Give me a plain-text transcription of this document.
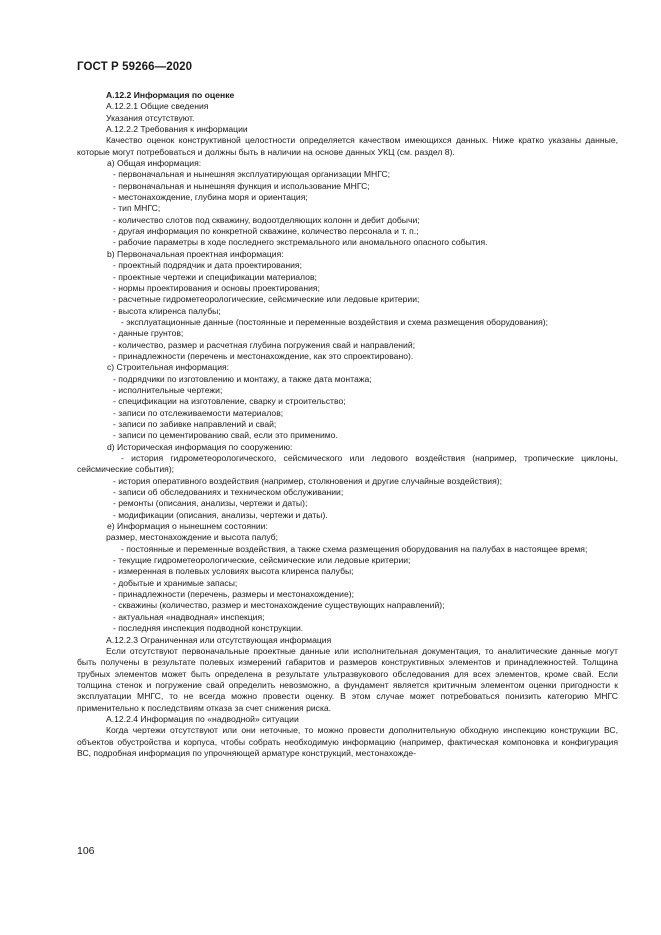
ГОСТ Р 59266—2020

А.12.2 Информация по оценке

А.12.2.1 Общие сведения

Указания отсутствуют.

А.12.2.2 Требования к информации

Качество оценок конструктивной целостности определяется качеством имеющихся данных. Ниже кратко указаны данные, которые могут потребоваться и должны быть в наличии на основе данных УКЦ (см. раздел 8).

a) Общая информация:

- первоначальная и нынешняя эксплуатирующая организации МНГС;

- первоначальная и нынешняя функция и использование МНГС;

- местонахождение, глубина моря и ориентация;

- тип МНГС;

- количество слотов под скважину, водоотделяющих колонн и дебит добычи;

- другая информация по конкретной скважине, количество персонала и т. п.;

- рабочие параметры в ходе последнего экстремального или аномального опасного события.

b) Первоначальная проектная информация:

- проектный подрядчик и дата проектирования;

- проектные чертежи и спецификации материалов;

- нормы проектирования и основы проектирования;

- расчетные гидрометеорологические, сейсмические или ледовые критерии;

- высота клиренса палубы;

- эксплуатационные данные (постоянные и переменные воздействия и схема размещения оборудования);

- данные грунтов;

- количество, размер и расчетная глубина погружения свай и направлений;

- принадлежности (перечень и местонахождение, как это спроектировано).

c) Строительная информация:

- подрядчики по изготовлению и монтажу, а также дата монтажа;

- исполнительные чертежи;

- спецификации на изготовление, сварку и строительство;

- записи по отслеживаемости материалов;

- записи по забивке направлений и свай;

- записи по цементированию свай, если это применимо.

d) Историческая информация по сооружению:

- история гидрометеорологического, сейсмического или ледового воздействия (например, тропические циклоны, сейсмические события);

- история оперативного воздействия (например, столкновения и другие случайные воздействия);

- записи об обследованиях и техническом обслуживании;

- ремонты (описания, анализы, чертежи и даты);

- модификации (описания, анализы, чертежи и даты).

e) Информация о нынешнем состоянии:

размер, местонахождение и высота палуб;

- постоянные и переменные воздействия, а также схема размещения оборудования на палубах в настоящее время;

- текущие гидрометеорологические, сейсмические или ледовые критерии;

- измеренная в полевых условиях высота клиренса палубы;

- добытые и хранимые запасы;

- принадлежности (перечень, размеры и местонахождение);

- скважины (количество, размер и местонахождение существующих направлений);

- актуальная «надводная» инспекция;

- последняя инспекция подводной конструкции.

А.12.2.3 Ограниченная или отсутствующая информация

Если отсутствуют первоначальные проектные данные или исполнительная документация, то аналитические данные могут быть получены в результате полевых измерений габаритов и размеров конструктивных элементов и принадлежностей. Толщина трубных элементов может быть определена в результате ультразвукового обследования для всех элементов, кроме свай. Если толщина стенок и погружение свай определить невозможно, а фундамент является критичным элементом оценки пригодности к эксплуатации МНГС, то не всегда можно провести оценку. В этом случае может потребоваться понизить категорию МНГС применительно к последствиям отказа за счет снижения риска.

А.12.2.4 Информация по «надводной» ситуации

Когда чертежи отсутствуют или они неточные, то можно провести дополнительную обходную инспекцию конструкции ВС, объектов обустройства и корпуса, чтобы собрать необходимую информацию (например, фактическая компоновка и конфигурация ВС, подробная информация по упрочняющей арматуре конструкций, местонахожде-

106
